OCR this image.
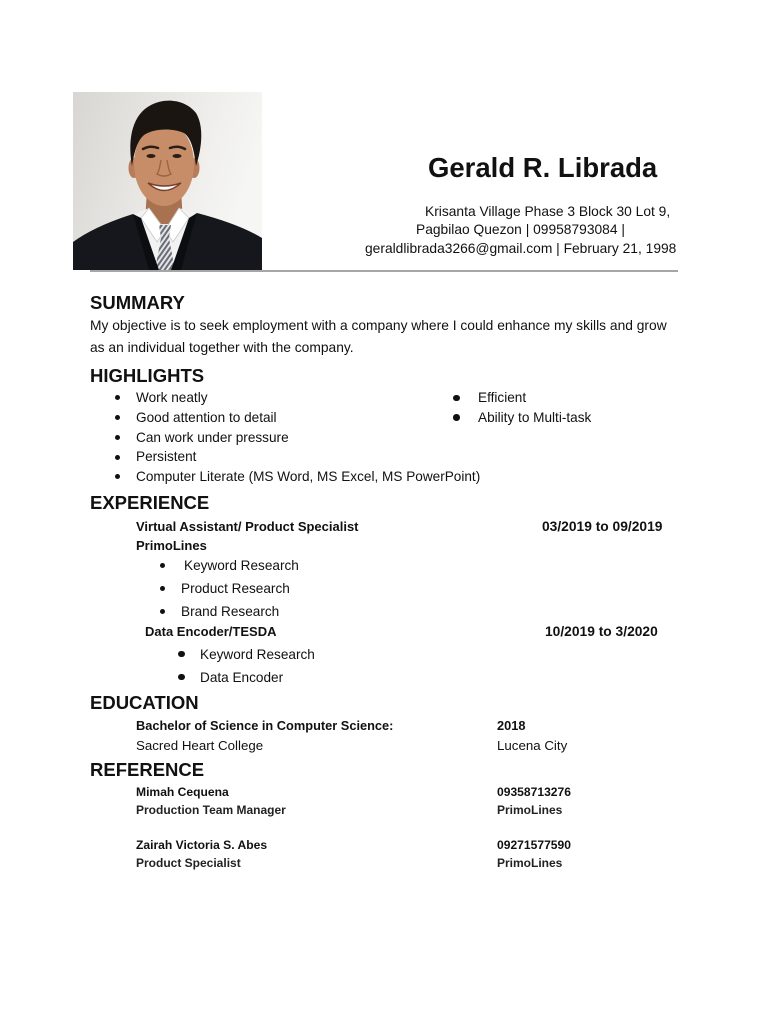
Gerald R. Librada
Krisanta Village Phase 3 Block 30 Lot 9,
Pagbilao Quezon | 09958793084 |
geraldlibrada3266@gmail.com | February 21, 1998
SUMMARY

My objective is to seek employment with a company where I could enhance my skills and grow as an individual together with the company.

HIGHLIGHTS
Work neatly
Good attention to detail
Can work under pressure
Persistent
Computer Literate (MS Word, MS Excel, MS PowerPoint)
Efficient
Ability to Multi-task
EXPERIENCE
Virtual Assistant/ Product Specialist	03/2019 to 09/2019
PrimoLines
Keyword Research
Product Research
Brand Research
Data Encoder/TESDA	10/2019 to 3/2020
Keyword Research
Data Encoder
EDUCATION
Bachelor of Science in Computer Science:	2018
Sacred Heart College	Lucena City
REFERENCE
Mimah Cequena	09358713276
Production Team Manager	PrimoLines
Zairah Victoria S. Abes	09271577590
Product Specialist	PrimoLines
